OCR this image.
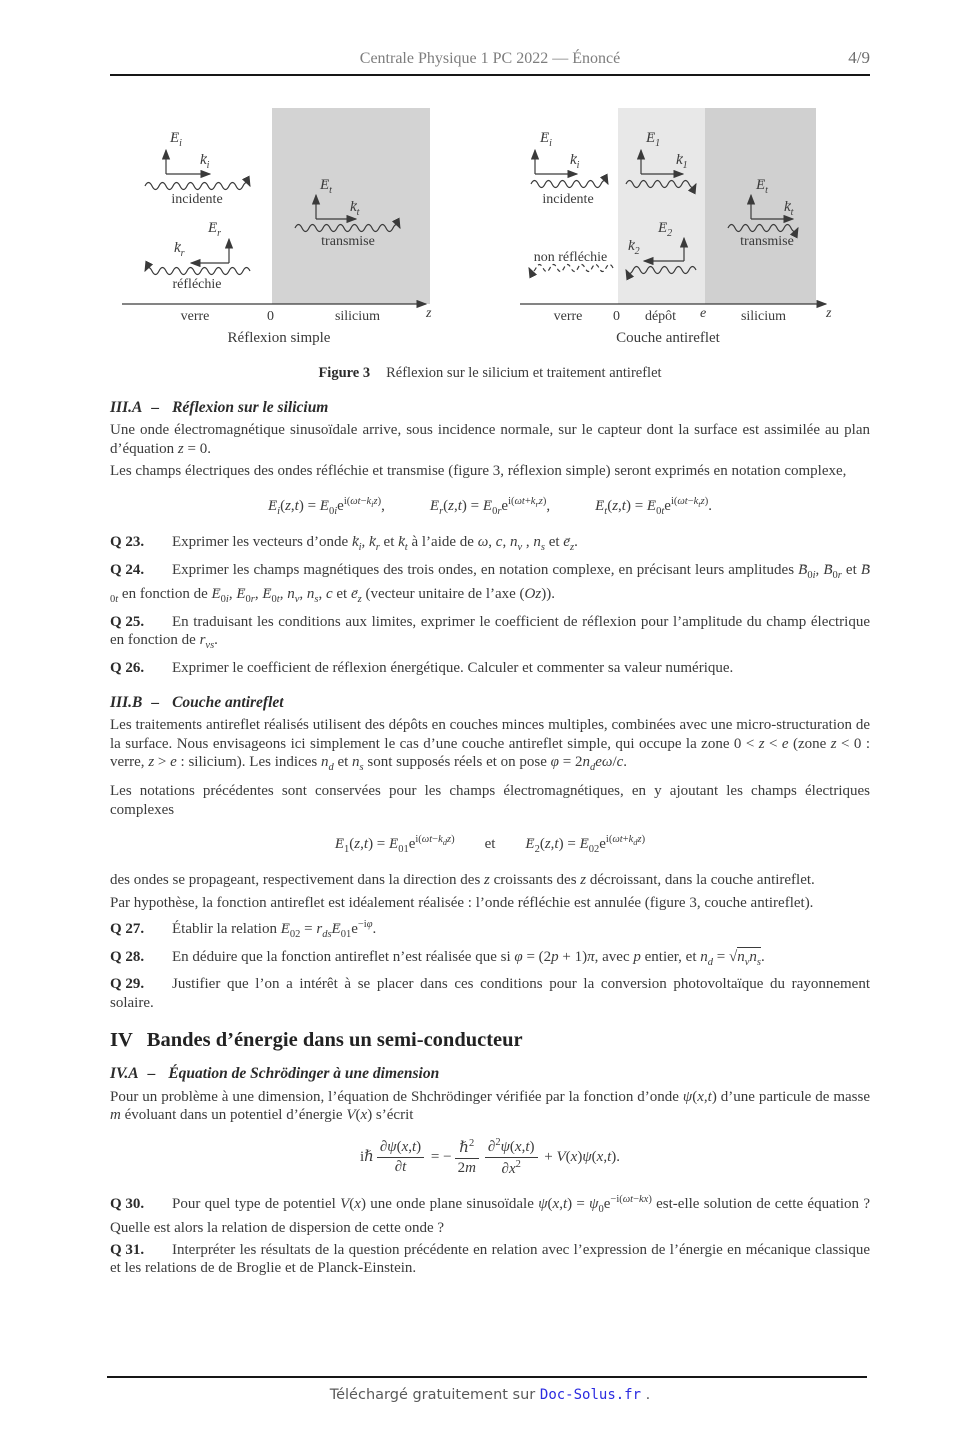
Centrale Physique 1 PC 2022 — Énoncé	4/9
$E \to_i$
$k \to_i$
incidente
$E \to_r$
$k \to_r$
réfléchie
$E \to_t$
$k \to_t$
transmise
verre	0	silicium	z
Réflexion simple
$E \to_i$
$k \to_i$
incidente
$E \to_1$
$k \to_1$
$E \to_2$
$k \to_2$
non réfléchie
$E \to_t$
$k \to_t$
transmise
verre	0	dépôt	e	silicium	z
Couche antireflet
Figure 3 Réflexion sur le silicium et traitement antireflet
III.A – Réflexion sur le silicium

Une onde électromagnétique sinusoïdale arrive, sous incidence normale, sur le capteur dont la surface est assimilée au plan d’équation z = 0.

Les champs électriques des ondes réfléchie et transmise (figure 3, réflexion simple) seront exprimés en notation complexe,

$E \to_i(z,t) = E \to_{0i}e^{i(\omega t-k_iz)}$,   $E \to_r(z,t) = E \to_{0r}e^{i(\omega t+k_rz)}$,   $E \to_t(z,t) = E \to_{0t}e^{i(\omega t-k_tz)}$.

Q 23. Exprimer les vecteurs d’onde $k \to_i$, $k \to_r$ et $k \to_t$ à l’aide de ω, c, $n_v$ , $n_s$ et $e \to_z$.

Q 24. Exprimer les champs magnétiques des trois ondes, en notation complexe, en précisant leurs amplitudes $B \to_{0i}$, $B \to_{0r}$ et $B \to_{0t}$ en fonction de $E \to_{0i}$, $E \to_{0r}$, $E \to_{0t}$, $n_v$, $n_s$, c et $e \to_z$ (vecteur unitaire de l’axe (Oz)).

Q 25. En traduisant les conditions aux limites, exprimer le coefficient de réflexion pour l’amplitude du champ électrique en fonction de $r_{vs}$.

Q 26. Exprimer le coefficient de réflexion énergétique. Calculer et commenter sa valeur numérique.

III.B – Couche antireflet

Les traitements antireflet réalisés utilisent des dépôts en couches minces multiples, combinées avec une micro-structuration de la surface. Nous envisageons ici simplement le cas d’une couche antireflet simple, qui occupe la zone 0 < z < e (zone z < 0 : verre, z > e : silicium). Les indices $n_d$ et $n_s$ sont supposés réels et on pose $\varphi = 2n_de\omega/c$.

Les notations précédentes sont conservées pour les champs électromagnétiques, en y ajoutant les champs électriques complexes

$E \to_1(z,t) = E \to_{01}e^{i(\omega t-k_dz)}$  et  $E \to_2(z,t) = E \to_{02}e^{i(\omega t+k_dz)}$

des ondes se propageant, respectivement dans la direction des z croissants des z décroissant, dans la couche antireflet.

Par hypothèse, la fonction antireflet est idéalement réalisée : l’onde réfléchie est annulée (figure 3, couche antireflet).

Q 27. Établir la relation $E \to_{02} = r_{ds}E \to_{01}e^{-i\varphi}$.

Q 28. En déduire que la fonction antireflet n’est réalisée que si φ = (2p + 1)π, avec p entier, et $n_d = √n_vn_s$.

Q 29. Justifier que l’on a intérêt à se placer dans ces conditions pour la conversion photovoltaïque du rayonnement solaire.

IV Bandes d’énergie dans un semi-conducteur
IV.A – Équation de Schrödinger à une dimension

Pour un problème à une dimension, l’équation de Shchrödinger vérifiée par la fonction d’onde ψ(x,t) d’une particule de masse m évoluant dans un potentiel d’énergie V(x) s’écrit

iℏ $\frac{\partial\psi(x,t)}{\partial t}$ = − $\frac{\hbar^2}{2m} \frac{\partial^2\psi(x,t)}{\partial x^2} + V(x)\psi(x,t)$.

Q 30. Pour quel type de potentiel V(x) une onde plane sinusoïdale $\psi(x,t) = \psi_0e^{-i(\omega t-kx)}$ est-elle solution de cette équation ? Quelle est alors la relation de dispersion de cette onde ?

Q 31. Interpréter les résultats de la question précédente en relation avec l’expression de l’énergie en mécanique classique et les relations de de Broglie et de Planck-Einstein.

Téléchargé gratuitement sur Doc-Solus.fr .
